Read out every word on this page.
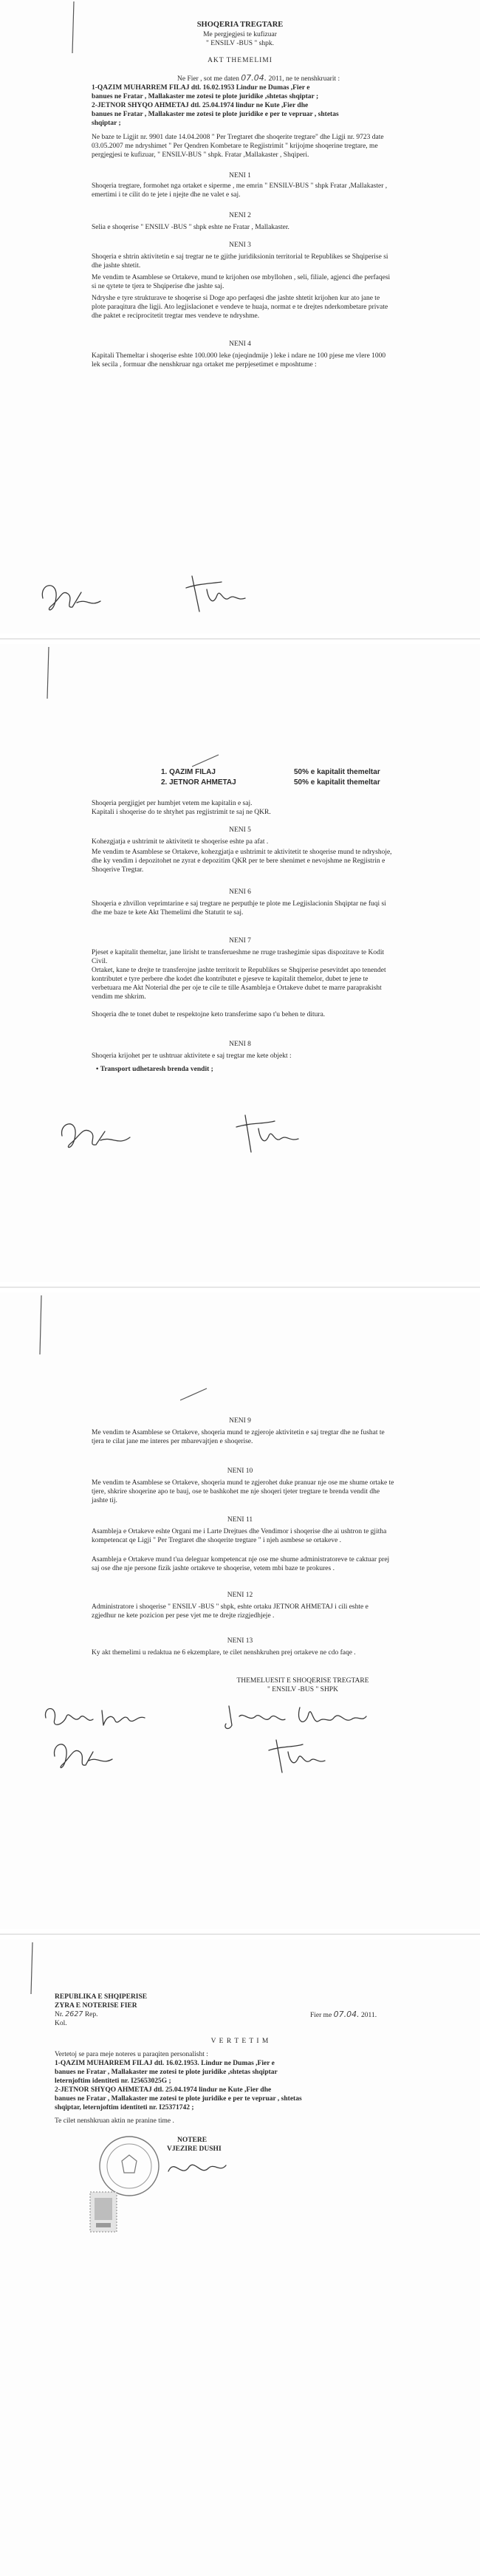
SHOQERIA TREGTARE
Me pergjegjesi te kufizuar
" ENSILV -BUS " shpk.
AKT THEMELIMI
Ne Fier , sot me daten 07.04. 2011, ne te nenshkruarit :
1-QAZIM MUHARREM FILAJ dtl. 16.02.1953 Lindur ne Dumas ,Fier e
banues ne Fratar , Mallakaster me zotesi te plote juridike ,shtetas shqiptar ;
2-JETNOR SHYQO AHMETAJ dtl. 25.04.1974 lindur ne Kute ,Fier dhe
banues ne Fratar , Mallakaster me zotesi te plote juridike e per te vepruar , shtetas
shqiptar ;
Ne baze te Ligjit nr. 9901 date 14.04.2008 " Per Tregtaret dhe shoqerite tregtare" dhe Ligji nr. 9723 date 03.05.2007 me ndryshimet " Per Qendren Kombetare te Regjistrimit " krijojme shoqerine tregtare, me pergjegjesi te kufizuar, " ENSILV-BUS " shpk. Fratar ,Mallakaster , Shqiperi.
NENI 1
Shoqeria tregtare, formohet nga ortaket e siperme , me emrin " ENSILV-BUS " shpk Fratar ,Mallakaster , emertimi i te cilit do te jete i njejte dhe ne valet e saj.
NENI 2
Selia e shoqerise " ENSILV -BUS " shpk eshte ne Fratar , Mallakaster.
NENI 3
Shoqeria e shtrin aktivitetin e saj tregtar ne te gjithe juridiksionin territorial te Republikes se Shqiperise si dhe jashte shtetit.
Me vendim te Asamblese se Ortakeve, mund te krijohen ose mbyllohen , seli, filiale, agjenci dhe perfaqesi si ne qytete te tjera te Shqiperise dhe jashte saj.
Ndryshe e tyre strukturave te shoqerise si Doge apo perfaqesi dhe jashte shtetit krijohen kur ato jane te plote paraqitura dhe ligji. Ato legjislacionet e vendeve te huaja, normat e te drejtes nderkombetare private dhe paktet e reciprocitetit tregtar mes vendeve te ndryshme.
NENI 4
Kapitali Themeltar i shoqerise eshte 100.000 leke (njeqindmije ) leke i ndare ne 100 pjese me vlere 1000 lek secila , formuar dhe nenshkruar nga ortaket me perpjesetimet e mposhtume :
1. QAZIM FILAJ	50% e kapitalit themeltar
2. JETNOR AHMETAJ	50% e kapitalit themeltar
Shoqeria pergjigjet per humbjet vetem me kapitalin e saj.
Kapitali i shoqerise do te shtyhet pas regjistrimit te saj ne QKR.
NENI 5
Kohezgjatja e ushtrimit te aktivitetit te shoqerise eshte pa afat .
Me vendim te Asamblese se Ortakeve, kohezgjatja e ushtrimit te aktivitetit te shoqerise mund te ndryshoje, dhe ky vendim i depozitohet ne zyrat e depozitim QKR per te bere shenimet e nevojshme ne Regjistrin e Shoqerive Tregtar.
NENI 6
Shoqeria e zhvillon veprimtarine e saj tregtare ne perputhje te plote me Legjislacionin Shqiptar ne fuqi si dhe me baze te kete Akt Themelimi dhe Statutit te saj.
NENI 7
Pjeset e kapitalit themeltar, jane lirisht te transferueshme ne rruge trashegimie sipas dispozitave te Kodit Civil.
Ortaket, kane te drejte te transferojne jashte territorit te Republikes se Shqiperise pesevitdet apo tenendet kontributet e tyre perbere dhe kodet dhe kontributet e pjeseve te kapitalit themelor, dubet te jene te verbetuara me Akt Noterial dhe per oje te cile te tille Asambleja e Ortakeve dubet te marre paraprakisht vendim me shkrim.
Shoqeria dhe te tonet dubet te respektojne keto transferime sapo t'u behen te ditura.
NENI 8
Shoqeria krijohet per te ushtruar aktivitete e saj tregtar me kete objekt :
• Transport udhetaresh brenda vendit ;
NENI 9
Me vendim te Asamblese se Ortakeve, shoqeria mund te zgjeroje aktivitetin e saj tregtar dhe ne fushat te tjera te cilat jane me interes per mbarevajtjen e shoqerise.
NENI 10
Me vendim te Asamblese se Ortakeve, shoqeria mund te zgjerohet duke pranuar nje ose me shume ortake te tjere, shkrire shoqerine apo te bauj, ose te bashkohet me nje shoqeri tjeter tregtare te brenda vendit dhe jashte tij.
NENI 11
Asambleja e Ortakeve eshte Organi me i Larte Drejtues dhe Vendimor i shoqerise dhe ai ushtron te gjitha kompetencat qe Ligji " Per Tregtaret dhe shoqerite tregtare " i njeh asmbese se ortakeve .
Asambleja e Ortakeve mund t'ua deleguar kompetencat nje ose me shume administratoreve te caktuar prej saj ose dhe nje persone fizik jashte ortakeve te shoqerise, vetem mbi baze te prokures .
NENI 12
Administratore i shoqerise " ENSILV -BUS " shpk, eshte ortaku JETNOR AHMETAJ i cili eshte e zgjedhur ne kete pozicion per pese vjet me te drejte rizgjedhjeje .
NENI 13
Ky akt themelimi u redaktua ne 6 ekzemplare, te cilet nenshkruhen prej ortakeve ne cdo faqe .
THEMELUESIT E SHOQERISE TREGTARE
" ENSILV -BUS " SHPK
REPUBLIKA E SHQIPERISE
ZYRA E NOTERISE FIER
Nr. 2627 Rep.
Kol.
Fier me 07.04. 2011.
V E R T E T I M
Vertetoj se para meje noteres u paraqiten personalisht :
1-QAZIM MUHARREM FILAJ dtl. 16.02.1953. Lindur ne Dumas ,Fier e
banues ne Fratar , Mallakaster me zotesi te plote juridike ,shtetas shqiptar
leternjoftim identiteti nr. I25653025G ;
2-JETNOR SHYQO AHMETAJ dtl. 25.04.1974 lindur ne Kute ,Fier dhe
banues ne Fratar , Mallakaster me zotesi te plote juridike e per te vepruar , shtetas
shqiptar, leternjoftim identiteti nr. I25371742 ;
Te cilet nenshkruan aktin ne pranine time .
NOTERE
VJEZIRE DUSHI
